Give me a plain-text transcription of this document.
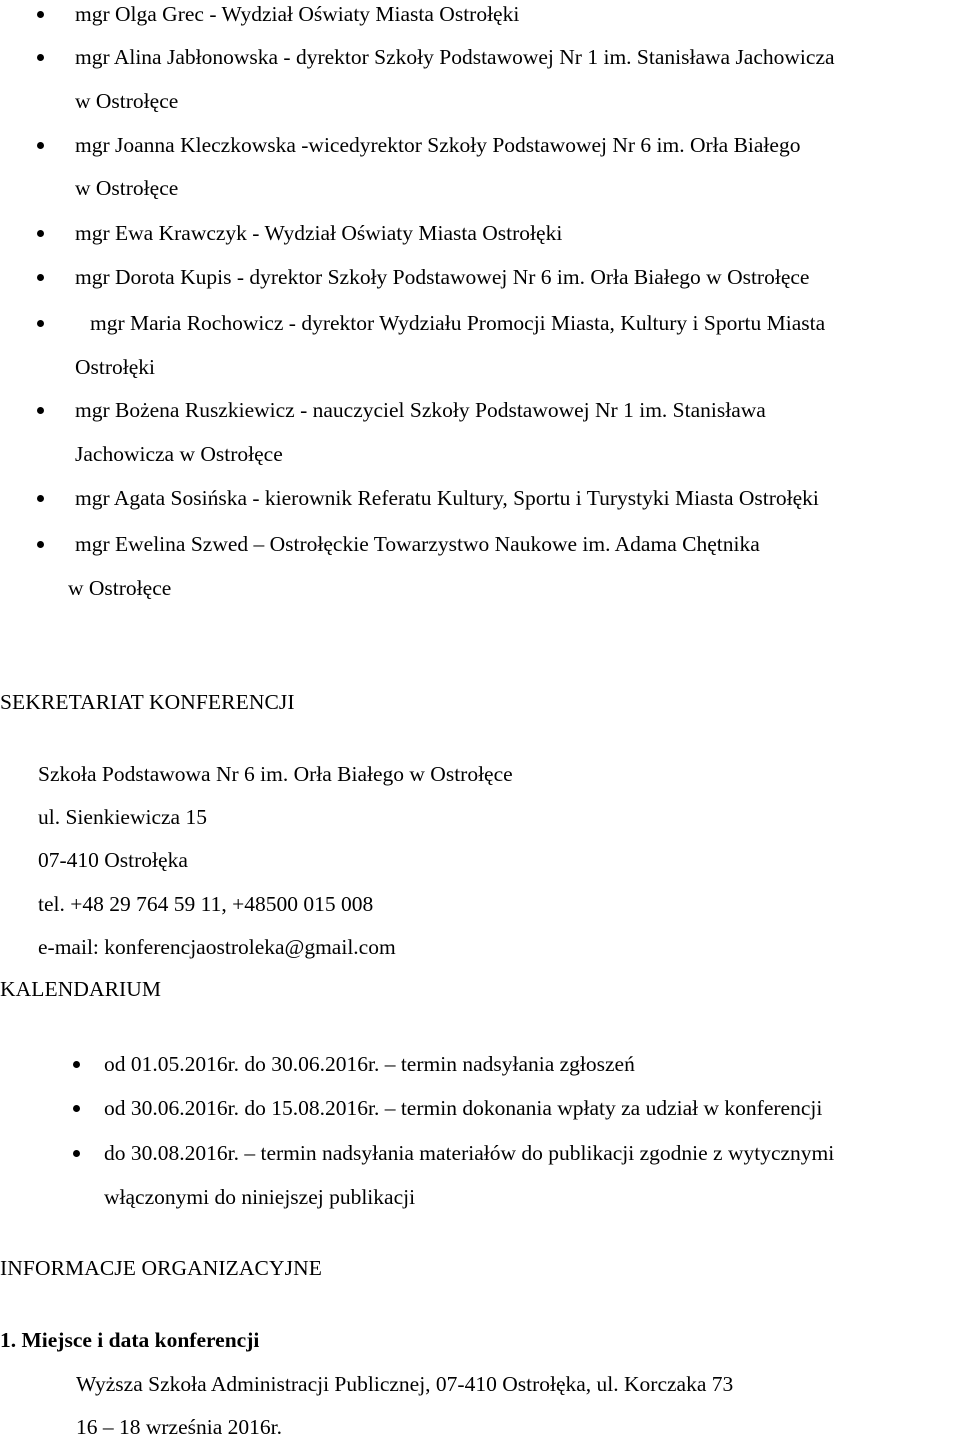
mgr Olga Grec - Wydział Oświaty Miasta Ostrołęki

mgr Alina Jabłonowska - dyrektor Szkoły Podstawowej Nr 1 im. Stanisława Jachowicza

w Ostrołęce

mgr Joanna Kleczkowska -wicedyrektor Szkoły Podstawowej Nr 6 im. Orła Białego

w Ostrołęce

mgr Ewa Krawczyk - Wydział Oświaty Miasta Ostrołęki

mgr Dorota Kupis - dyrektor Szkoły Podstawowej Nr 6 im. Orła Białego w Ostrołęce

mgr Maria Rochowicz - dyrektor Wydziału Promocji Miasta, Kultury i Sportu Miasta

Ostrołęki

mgr Bożena Ruszkiewicz - nauczyciel Szkoły Podstawowej Nr 1 im. Stanisława

Jachowicza w Ostrołęce

mgr Agata Sosińska - kierownik Referatu Kultury, Sportu i Turystyki Miasta Ostrołęki

mgr Ewelina Szwed – Ostrołęckie Towarzystwo Naukowe im. Adama Chętnika

w Ostrołęce

SEKRETARIAT KONFERENCJI

Szkoła Podstawowa Nr 6 im. Orła Białego w Ostrołęce

ul. Sienkiewicza 15

07-410 Ostrołęka

tel. +48 29 764 59 11, +48500 015 008

e-mail: konferencjaostroleka@gmail.com

KALENDARIUM

od 01.05.2016r. do 30.06.2016r. – termin nadsyłania zgłoszeń

od 30.06.2016r. do 15.08.2016r. – termin dokonania wpłaty za udział w konferencji

do 30.08.2016r. – termin nadsyłania materiałów do publikacji zgodnie z wytycznymi

włączonymi do niniejszej publikacji

INFORMACJE ORGANIZACYJNE

1. Miejsce i data konferencji

Wyższa Szkoła Administracji Publicznej, 07-410 Ostrołęka, ul. Korczaka 73

16 – 18 września 2016r.
